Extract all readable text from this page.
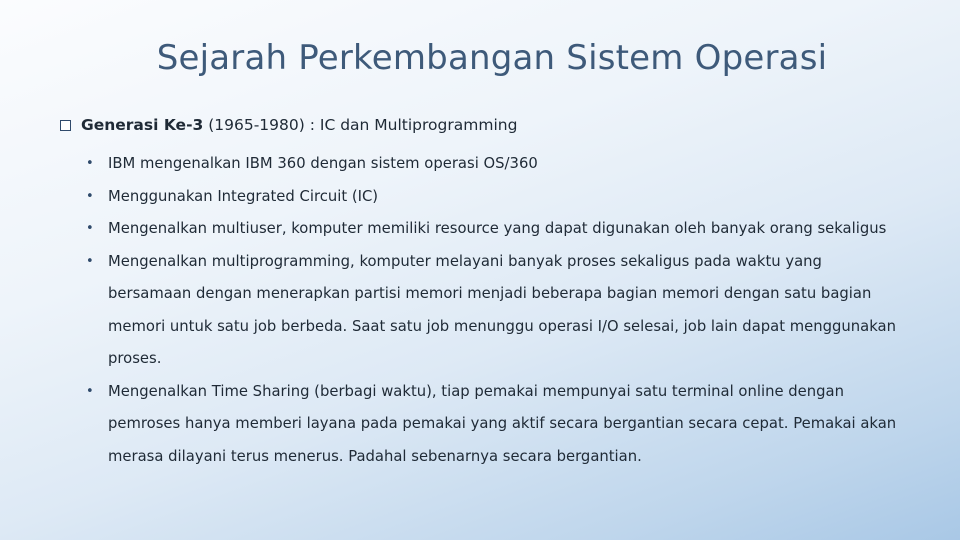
Sejarah Perkembangan Sistem Operasi
Generasi Ke-3 (1965-1980) : IC dan Multiprogramming
• IBM mengenalkan IBM 360 dengan sistem operasi OS/360
• Menggunakan Integrated Circuit (IC)
• Mengenalkan multiuser, komputer memiliki resource yang dapat digunakan oleh banyak orang sekaligus
• Mengenalkan multiprogramming, komputer melayani banyak proses sekaligus pada waktu yang bersamaan dengan menerapkan partisi memori menjadi beberapa bagian memori dengan satu bagian memori untuk satu job berbeda. Saat satu job menunggu operasi I/O selesai, job lain dapat menggunakan proses.
• Mengenalkan Time Sharing (berbagi waktu), tiap pemakai mempunyai satu terminal online dengan pemroses hanya memberi layana pada pemakai yang aktif secara bergantian secara cepat. Pemakai akan merasa dilayani terus menerus. Padahal sebenarnya secara bergantian.
